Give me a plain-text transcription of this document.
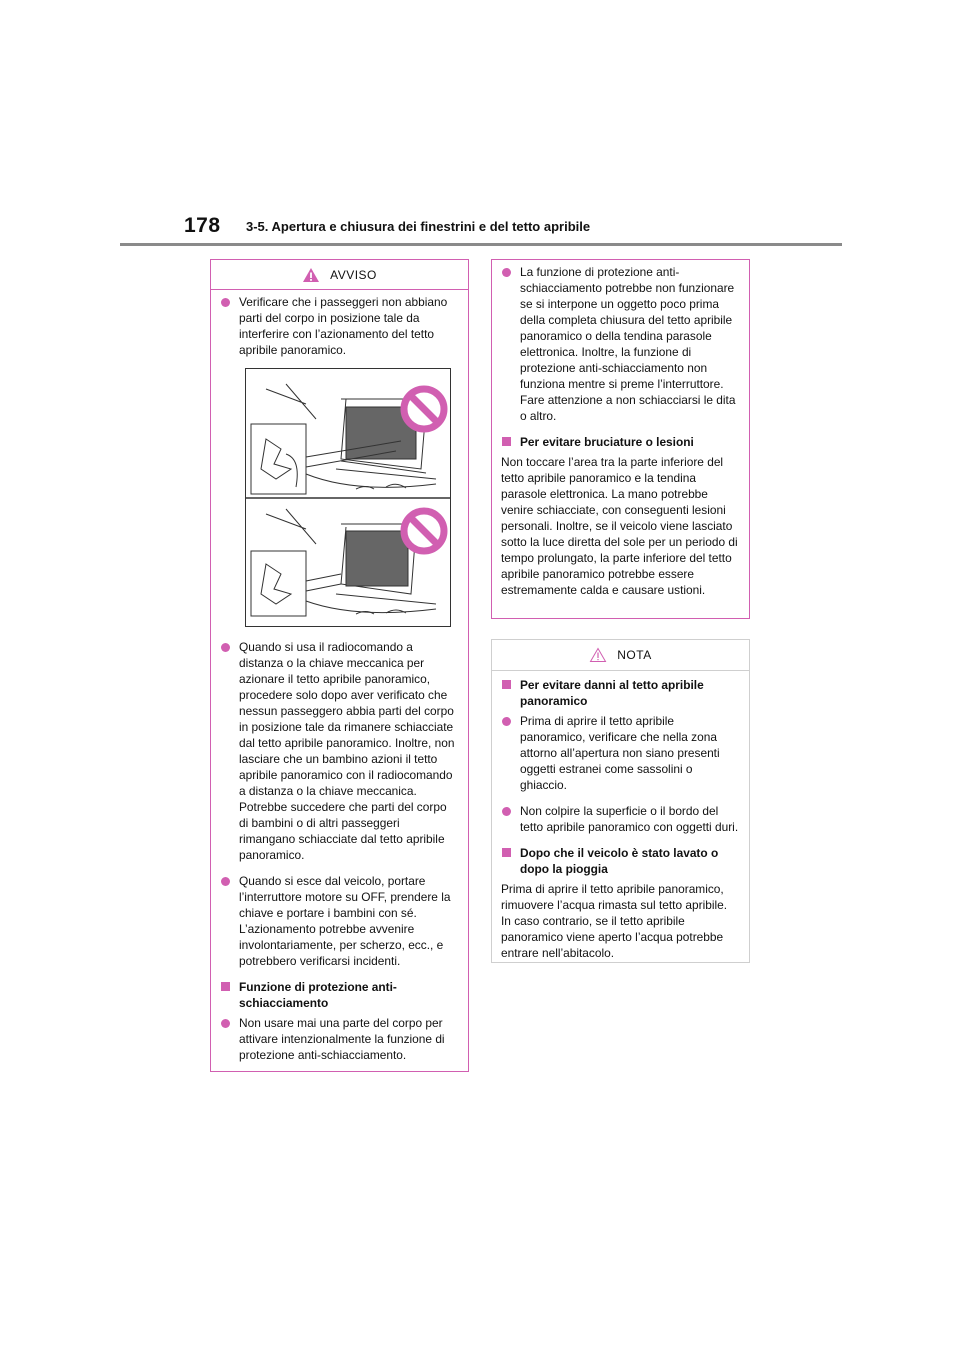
178 3-5. Apertura e chiusura dei finestrini e del tetto apribile
AVVISO
Verificare che i passeggeri non abbiano parti del corpo in posizione tale da interferire con l’azionamento del tetto apribile panoramico.
Quando si usa il radiocomando a distanza o la chiave meccanica per azionare il tetto apribile panoramico, procedere solo dopo aver verificato che nessun passeggero abbia parti del corpo in posizione tale da rimanere schiacciate dal tetto apribile panoramico. Inoltre, non lasciare che un bambino azioni il tetto apribile panoramico con il radiocomando a distanza o la chiave meccanica. Potrebbe succedere che parti del corpo di bambini o di altri passeggeri rimangano schiacciate dal tetto apribile panoramico.
Quando si esce dal veicolo, portare l’interruttore motore su OFF, prendere la chiave e portare i bambini con sé. L’azionamento potrebbe avvenire involontariamente, per scherzo, ecc., e potrebbero verificarsi incidenti.
Funzione di protezione anti-schiacciamento
Non usare mai una parte del corpo per attivare intenzionalmente la funzione di protezione anti-schiacciamento.
La funzione di protezione anti-schiacciamento potrebbe non funzionare se si interpone un oggetto poco prima della completa chiusura del tetto apribile panoramico o della tendina parasole elettronica. Inoltre, la funzione di protezione anti-schiacciamento non funziona mentre si preme l’interruttore. Fare attenzione a non schiacciarsi le dita o altro.
Per evitare bruciature o lesioni
Non toccare l’area tra la parte inferiore del tetto apribile panoramico e la tendina parasole elettronica. La mano potrebbe venire schiacciate, con conseguenti lesioni personali. Inoltre, se il veicolo viene lasciato sotto la luce diretta del sole per un periodo di tempo prolungato, la parte inferiore del tetto apribile panoramico potrebbe essere estremamente calda e causare ustioni.
NOTA
Per evitare danni al tetto apribile panoramico
Prima di aprire il tetto apribile panoramico, verificare che nella zona attorno all’apertura non siano presenti oggetti estranei come sassolini o ghiaccio.
Non colpire la superficie o il bordo del tetto apribile panoramico con oggetti duri.
Dopo che il veicolo è stato lavato o dopo la pioggia
Prima di aprire il tetto apribile panoramico, rimuovere l’acqua rimasta sul tetto apribile. In caso contrario, se il tetto apribile panoramico viene aperto l’acqua potrebbe entrare nell’abitacolo.
